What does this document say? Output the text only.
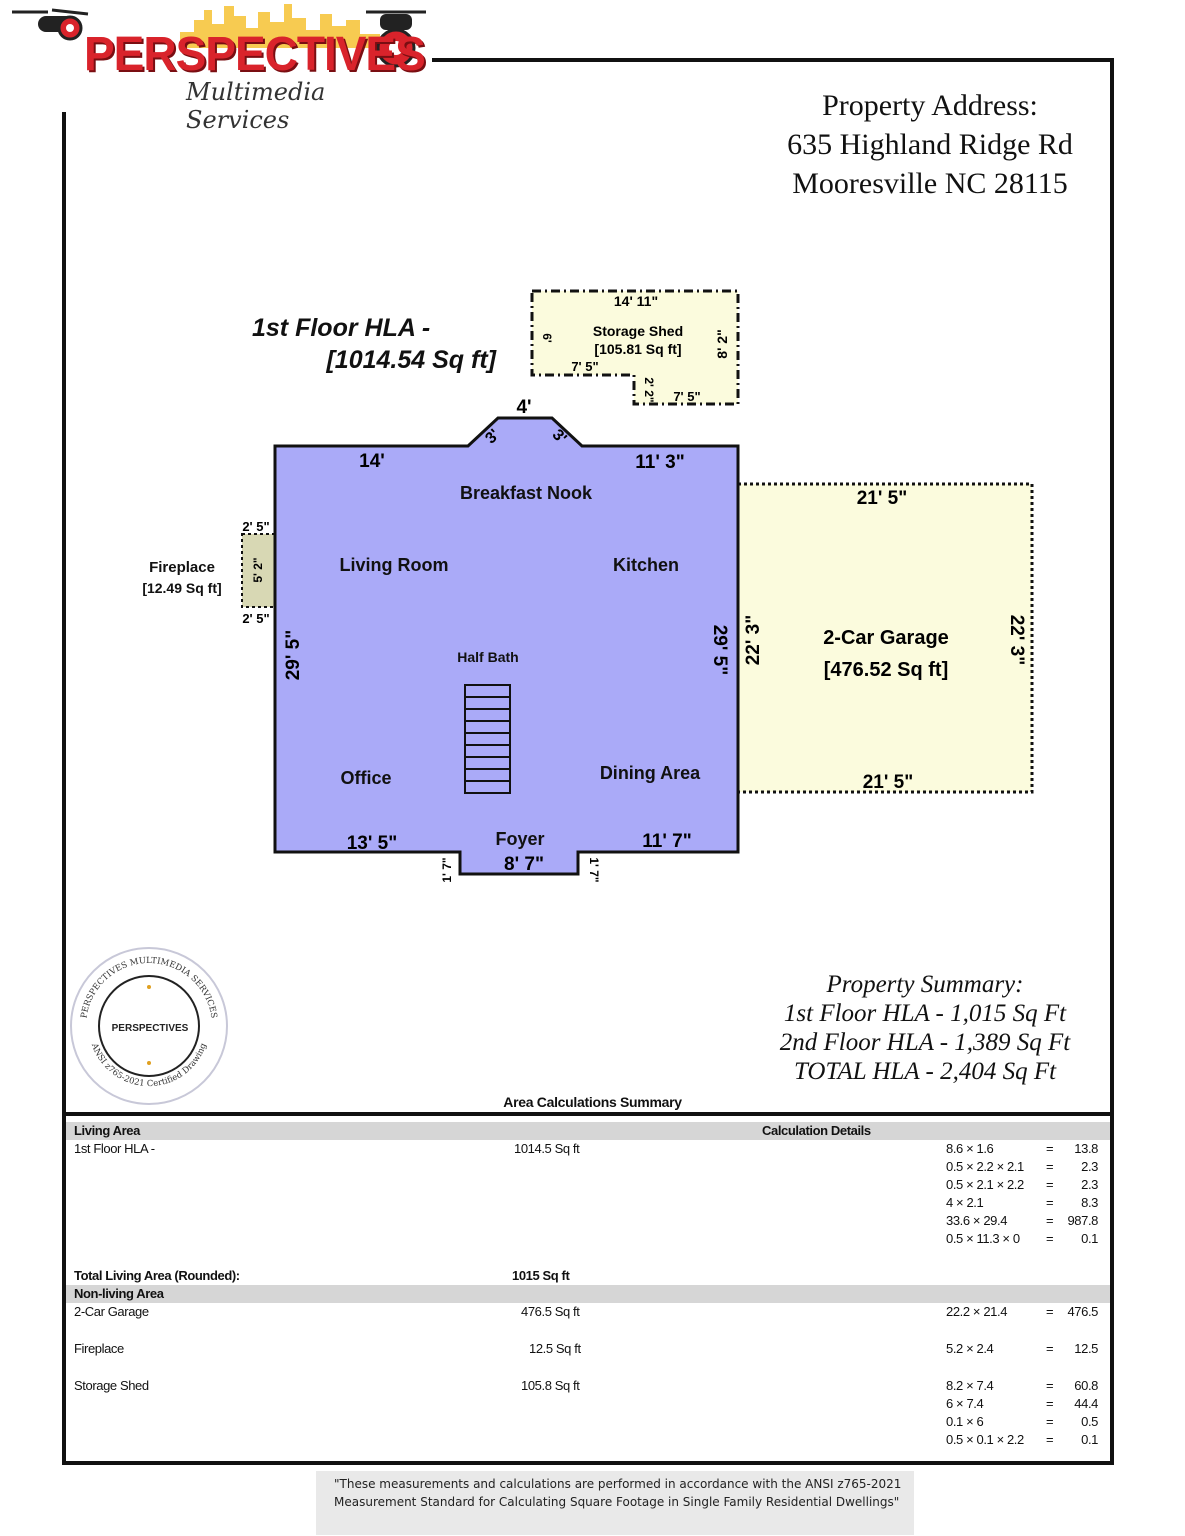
PERSPECTIVES
Multimedia Services	Property Address:
635 Highland Ridge Rd
Mooresville NC 28115
1st Floor HLA -
[1014.54 Sq ft]
Breakfast Nook
Living Room	Kitchen
Half Bath
Office	Dining Area
Foyer
14'	11' 3"
4'
3'	3'
29' 5"	29' 5"
13' 5"	11' 7"
8' 7"
1' 7"	1' 7"
Storage Shed
[105.81 Sq ft]
14' 11"
6'	8' 2"
7' 5"
2' 2" 7' 5"
2' 5"
2' 5"
5' 2"
2-Car Garage
[476.52 Sq ft]
21' 5"
21' 5"
22' 3"	22' 3"
Fireplace
[12.49 Sq ft]
PERSPECTIVES MULTIMEDIA SERVICES
ANSI z765-2021 Certified Drawing
PERSPECTIVES
Property Summary:
1st Floor HLA - 1,015 Sq Ft
2nd Floor HLA - 1,389 Sq Ft
TOTAL HLA - 2,404 Sq Ft
Area Calculations Summary
Living Area	Calculation Details
1st Floor HLA -	1014.5 Sq ft	8.6 × 1.6	= 13.8
0.5 × 2.2 × 2.1 = 2.3
0.5 × 2.1 × 2.2 = 2.3
4 × 2.1	= 8.3
33.6 × 29.4	= 987.8
0.5 × 11.3 × 0 = 0.1
Total Living Area (Rounded):	1015 Sq ft
Non-living Area
2-Car Garage	476.5 Sq ft	22.2 × 21.4	= 476.5
Fireplace	12.5 Sq ft	5.2 × 2.4	= 12.5
Storage Shed	105.8 Sq ft	8.2 × 7.4	= 60.8
6 × 7.4	= 44.4
0.1 × 6	= 0.5
0.5 × 0.1 × 2.2 = 0.1
"These measurements and calculations are performed in accordance with the ANSI z765-2021 Measurement Standard for Calculating Square Footage in Single Family Residential Dwellings"
